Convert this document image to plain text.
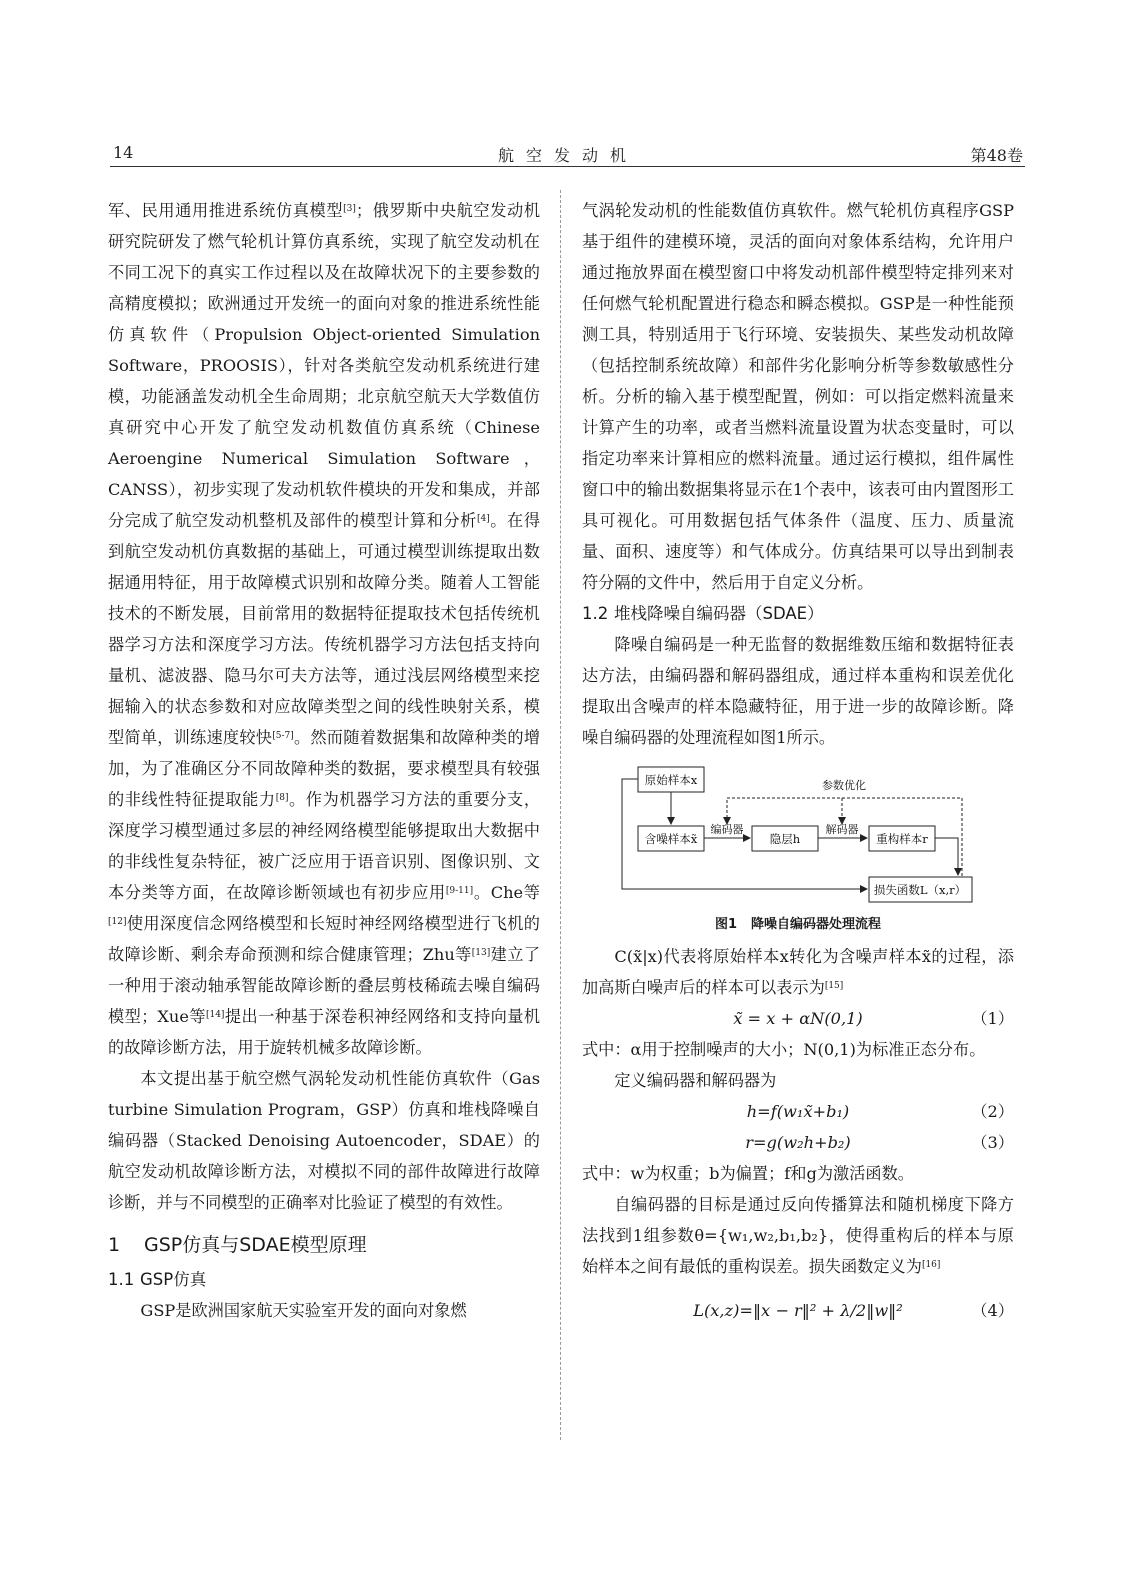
14	航空发动机	第48卷

军、民用通用推进系统仿真模型[3]；俄罗斯中央航空发动机研究院研发了燃气轮机计算仿真系统，实现了航空发动机在不同工况下的真实工作过程以及在故障状况下的主要参数的高精度模拟；欧洲通过开发统一的面向对象的推进系统性能仿真软件（Propulsion Object-oriented Simulation Software，PROOSIS），针对各类航空发动机系统进行建模，功能涵盖发动机全生命周期；北京航空航天大学数值仿真研究中心开发了航空发动机数值仿真系统（Chinese Aeroengine Numerical Simulation Software，CANSS），初步实现了发动机软件模块的开发和集成，并部分完成了航空发动机整机及部件的模型计算和分析[4]。在得到航空发动机仿真数据的基础上，可通过模型训练提取出数据通用特征，用于故障模式识别和故障分类。随着人工智能技术的不断发展，目前常用的数据特征提取技术包括传统机器学习方法和深度学习方法。传统机器学习方法包括支持向量机、滤波器、隐马尔可夫方法等，通过浅层网络模型来挖掘输入的状态参数和对应故障类型之间的线性映射关系，模型简单，训练速度较快[5-7]。然而随着数据集和故障种类的增加，为了准确区分不同故障种类的数据，要求模型具有较强的非线性特征提取能力[8]。作为机器学习方法的重要分支，深度学习模型通过多层的神经网络模型能够提取出大数据中的非线性复杂特征，被广泛应用于语音识别、图像识别、文本分类等方面，在故障诊断领域也有初步应用[9-11]。Che等[12]使用深度信念网络模型和长短时神经网络模型进行飞机的故障诊断、剩余寿命预测和综合健康管理；Zhu等[13]建立了一种用于滚动轴承智能故障诊断的叠层剪枝稀疏去噪自编码模型；Xue等[14]提出一种基于深卷积神经网络和支持向量机的故障诊断方法，用于旋转机械多故障诊断。

本文提出基于航空燃气涡轮发动机性能仿真软件（Gas turbine Simulation Program，GSP）仿真和堆栈降噪自编码器（Stacked Denoising Autoencoder，SDAE）的航空发动机故障诊断方法，对模拟不同的部件故障进行故障诊断，并与不同模型的正确率对比验证了模型的有效性。

1 GSP仿真与SDAE模型原理
1.1 GSP仿真

GSP是欧洲国家航天实验室开发的面向对象燃

气涡轮发动机的性能数值仿真软件。燃气轮机仿真程序GSP基于组件的建模环境，灵活的面向对象体系结构，允许用户通过拖放界面在模型窗口中将发动机部件模型特定排列来对任何燃气轮机配置进行稳态和瞬态模拟。GSP是一种性能预测工具，特别适用于飞行环境、安装损失、某些发动机故障（包括控制系统故障）和部件劣化影响分析等参数敏感性分析。分析的输入基于模型配置，例如：可以指定燃料流量来计算产生的功率，或者当燃料流量设置为状态变量时，可以指定功率来计算相应的燃料流量。通过运行模拟，组件属性窗口中的输出数据集将显示在1个表中，该表可由内置图形工具可视化。可用数据包括气体条件（温度、压力、质量流量、面积、速度等）和气体成分。仿真结果可以导出到制表符分隔的文件中，然后用于自定义分析。

1.2 堆栈降噪自编码器（SDAE）

降噪自编码是一种无监督的数据维数压缩和数据特征表达方法，由编码器和解码器组成，通过样本重构和误差优化提取出含噪声的样本隐藏特征，用于进一步的故障诊断。降噪自编码器的处理流程如图1所示。

原始样本x
含噪样本x̃	隐层h	重构样本r
损失函数L（x,r）
编码器	解码器
参数优化
图1 降噪自编码器处理流程

C(x̃|x)代表将原始样本x转化为含噪声样本x̃的过程，添加高斯白噪声后的样本可以表示为[15]

x̃ = x + αN(0,1)	（1）

式中：α用于控制噪声的大小；N(0,1)为标准正态分布。

定义编码器和解码器为

h=f(w₁x̃+b₁)	（2）
r=g(w₂h+b₂)	（3）

式中：w为权重；b为偏置；f和g为激活函数。

自编码器的目标是通过反向传播算法和随机梯度下降方法找到1组参数θ={w₁,w₂,b₁,b₂}，使得重构后的样本与原始样本之间有最低的重构误差。损失函数定义为[16]

L(x,z)=‖x − r‖² + λ/2‖w‖²	（4）
